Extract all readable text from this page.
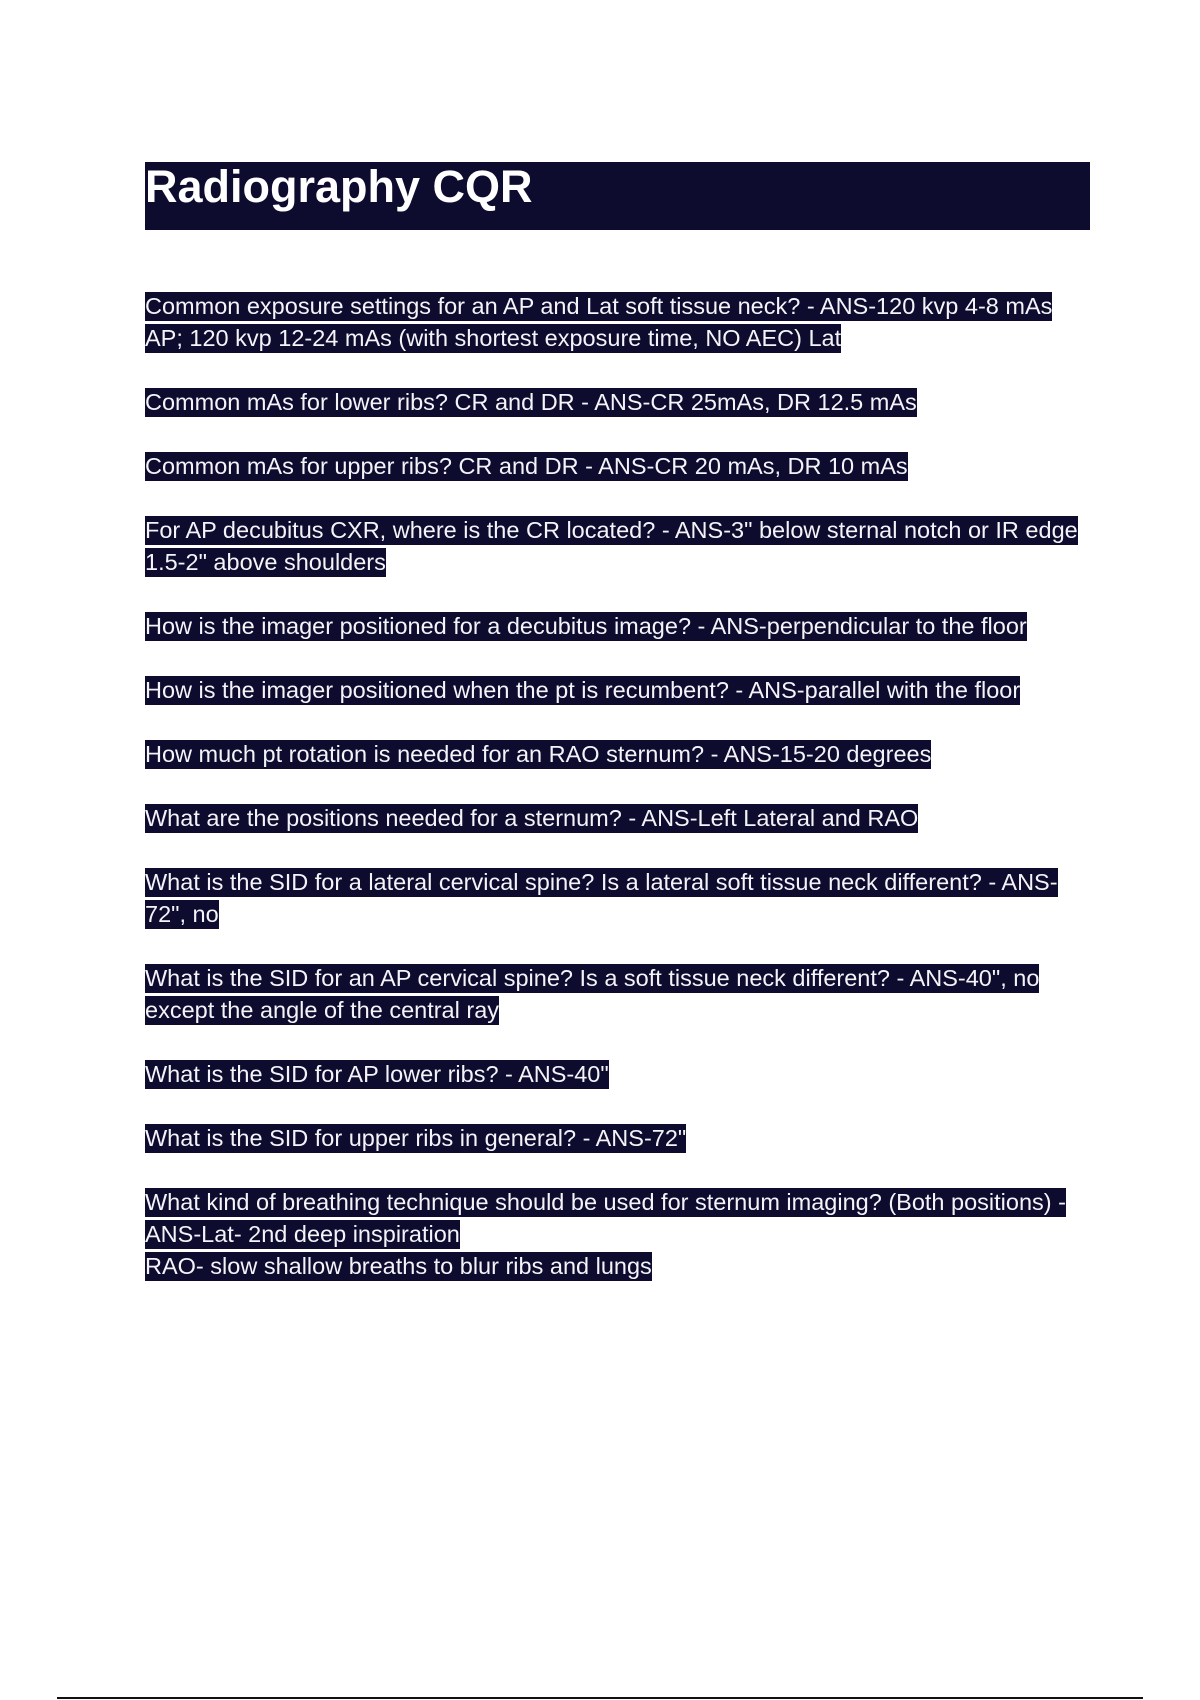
Radiography CQR

Common exposure settings for an AP and Lat soft tissue neck? - ANS-120 kvp 4-8 mAs AP; 120 kvp 12-24 mAs (with shortest exposure time, NO AEC) Lat

Common mAs for lower ribs? CR and DR - ANS-CR 25mAs, DR 12.5 mAs

Common mAs for upper ribs? CR and DR - ANS-CR 20 mAs, DR 10 mAs

For AP decubitus CXR, where is the CR located? - ANS-3" below sternal notch or IR edge 1.5-2" above shoulders

How is the imager positioned for a decubitus image? - ANS-perpendicular to the floor

How is the imager positioned when the pt is recumbent? - ANS-parallel with the floor

How much pt rotation is needed for an RAO sternum? - ANS-15-20 degrees

What are the positions needed for a sternum? - ANS-Left Lateral and RAO

What is the SID for a lateral cervical spine? Is a lateral soft tissue neck different? - ANS-72", no

What is the SID for an AP cervical spine? Is a soft tissue neck different? - ANS-40", no except the angle of the central ray

What is the SID for AP lower ribs? - ANS-40"

What is the SID for upper ribs in general? - ANS-72"

What kind of breathing technique should be used for sternum imaging? (Both positions) - ANS-Lat- 2nd deep inspiration
RAO- slow shallow breaths to blur ribs and lungs
